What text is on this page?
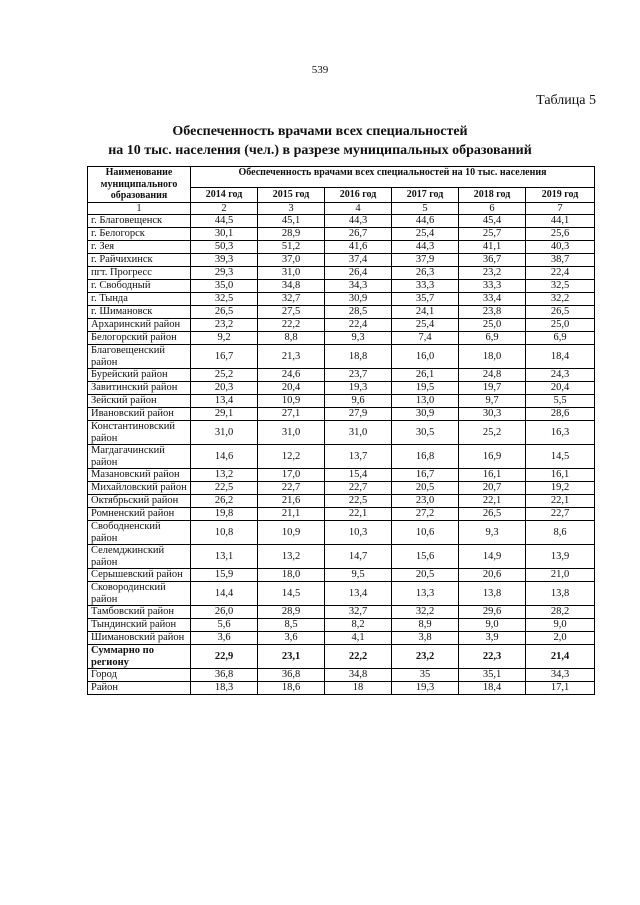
539
Таблица 5
Обеспеченность врачами всех специальностей
на 10 тыс. населения (чел.) в разрезе муниципальных образований
Наименование муниципального образования	Обеспеченность врачами всех специальностей на 10 тыс. населения					
	2014 год	2015 год	2016 год	2017 год	2018 год	2019 год
1	2	3	4	5	6	7
г. Благовещенск	44,5	45,1	44,3	44,6	45,4	44,1
г. Белогорск	30,1	28,9	26,7	25,4	25,7	25,6
г. Зея	50,3	51,2	41,6	44,3	41,1	40,3
г. Райчихинск	39,3	37,0	37,4	37,9	36,7	38,7
пгт. Прогресс	29,3	31,0	26,4	26,3	23,2	22,4
г. Свободный	35,0	34,8	34,3	33,3	33,3	32,5
г. Тында	32,5	32,7	30,9	35,7	33,4	32,2
г. Шимановск	26,5	27,5	28,5	24,1	23,8	26,5
Архаринский район	23,2	22,2	22,4	25,4	25,0	25,0
Белогорский район	9,2	8,8	9,3	7,4	6,9	6,9
Благовещенский район	16,7	21,3	18,8	16,0	18,0	18,4
Бурейский район	25,2	24,6	23,7	26,1	24,8	24,3
Завитинский район	20,3	20,4	19,3	19,5	19,7	20,4
Зейский район	13,4	10,9	9,6	13,0	9,7	5,5
Ивановский район	29,1	27,1	27,9	30,9	30,3	28,6
Константиновский район	31,0	31,0	31,0	30,5	25,2	16,3
Магдагачинский район	14,6	12,2	13,7	16,8	16,9	14,5
Мазановский район	13,2	17,0	15,4	16,7	16,1	16,1
Михайловский район	22,5	22,7	22,7	20,5	20,7	19,2
Октябрьский район	26,2	21,6	22,5	23,0	22,1	22,1
Ромненский район	19,8	21,1	22,1	27,2	26,5	22,7
Свободненский район	10,8	10,9	10,3	10,6	9,3	8,6
Селемджинский район	13,1	13,2	14,7	15,6	14,9	13,9
Серышевский район	15,9	18,0	9,5	20,5	20,6	21,0
Сковородинский район	14,4	14,5	13,4	13,3	13,8	13,8
Тамбовский район	26,0	28,9	32,7	32,2	29,6	28,2
Тындинский район	5,6	8,5	8,2	8,9	9,0	9,0
Шимановский район	3,6	3,6	4,1	3,8	3,9	2,0
Суммарно по региону	22,9	23,1	22,2	23,2	22,3	21,4
Город	36,8	36,8	34,8	35	35,1	34,3
Район	18,3	18,6	18	19,3	18,4	17,1
